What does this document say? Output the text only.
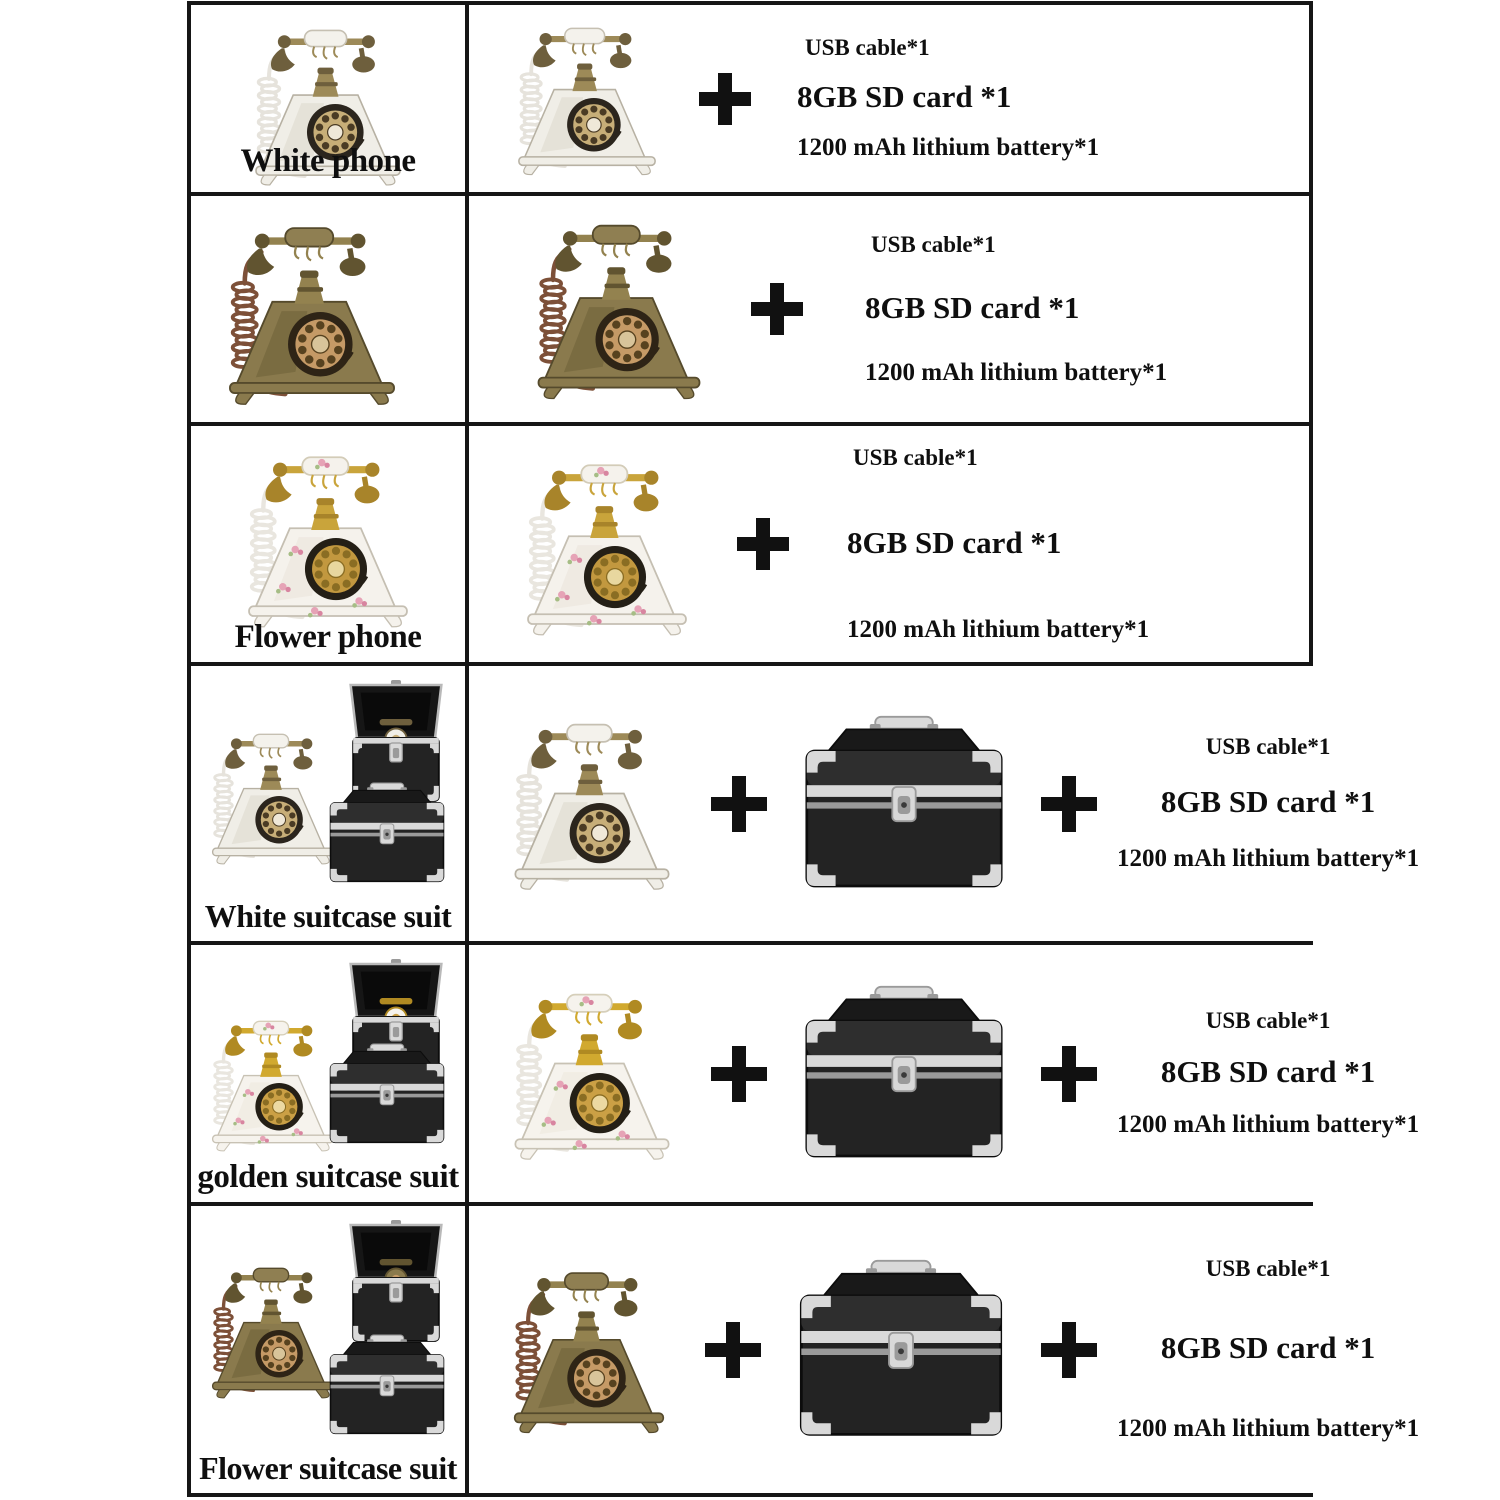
White phone
USB cable*1
8GB SD card *1
1200 mAh lithium battery*1
USB cable*1
8GB SD card *1
1200 mAh lithium battery*1
Flower phone
USB cable*1
8GB SD card *1
1200 mAh lithium battery*1
White suitcase suit
USB cable*1
8GB SD card *1
1200 mAh lithium battery*1
golden suitcase suit
USB cable*1
8GB SD card *1
1200 mAh lithium battery*1
Flower suitcase suit
USB cable*1
8GB SD card *1
1200 mAh lithium battery*1
